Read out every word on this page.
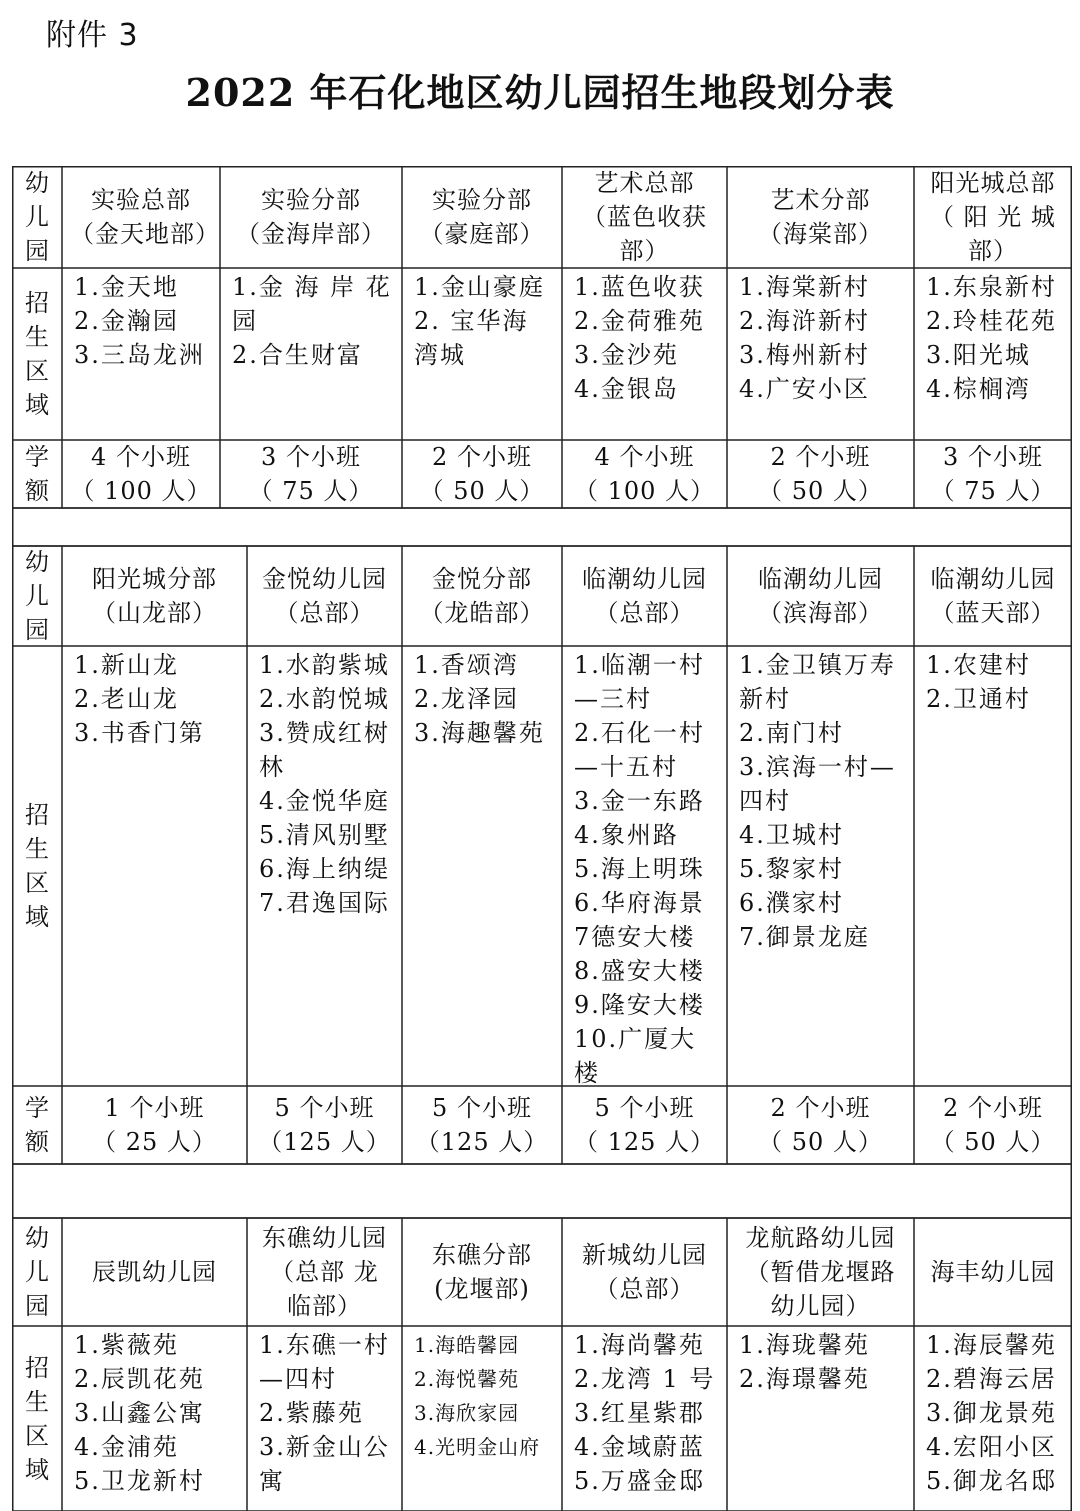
附件 3
2022 年石化地区幼儿园招生地段划分表
幼儿园
招生区域
学额
实验总部
（金天地部）
1.金天地
2.金瀚园
3.三岛龙洲
4 个小班
（ 100 人）
实验分部
（金海岸部）
1.金 海 岸 花园
2.合生财富
3 个小班
（ 75 人）
实验分部
（豪庭部）
1.金山豪庭
2. 宝华海湾城
2 个小班
（ 50 人）
艺术总部
（蓝色收获
部）
1.蓝色收获
2.金荷雅苑
3.金沙苑
4.金银岛
4 个小班
（ 100 人）
艺术分部
（海棠部）
1.海棠新村
2.海浒新村
3.梅州新村
4.广安小区
2 个小班
（ 50 人）
阳光城总部
（ 阳 光 城
部）
1.东泉新村
2.玲桂花苑
3.阳光城
4.棕榈湾
3 个小班
（ 75 人）
幼儿园
招生区域
学额
阳光城分部
（山龙部）
1.新山龙
2.老山龙
3.书香门第
1 个小班
（ 25 人）
金悦幼儿园
（总部）
1.水韵紫城
2.水韵悦城
3.赞成红树林
4.金悦华庭
5.清风别墅
6.海上纳缇
7.君逸国际
5 个小班
（125 人）
金悦分部
（龙皓部）
1.香颂湾
2.龙泽园
3.海趣馨苑
5 个小班
（125 人）
临潮幼儿园
（总部）
1.临潮一村—三村
2.石化一村—十五村
3.金一东路
4.象州路
5.海上明珠
6.华府海景
7德安大楼
8.盛安大楼
9.隆安大楼
10.广厦大楼
5 个小班
（ 125 人）
临潮幼儿园
（滨海部）
1.金卫镇万寿新村
2.南门村
3.滨海一村—四村
4.卫城村
5.黎家村
6.濮家村
7.御景龙庭
2 个小班
（ 50 人）
临潮幼儿园
（蓝天部）
1.农建村
2.卫通村
2 个小班
（ 50 人）
幼儿园
招生区域
辰凯幼儿园
1.紫薇苑
2.辰凯花苑
3.山鑫公寓
4.金浦苑
5.卫龙新村
东礁幼儿园
（总部 龙
临部）
1.东礁一村—四村
2.紫藤苑
3.新金山公寓
东礁分部
(龙堰部)
1.海皓馨园
2.海悦馨苑
3.海欣家园
4.光明金山府
新城幼儿园
（总部）
1.海尚馨苑
2.龙湾 1 号
3.红星紫郡
4.金域蔚蓝
5.万盛金邸
龙航路幼儿园
（暂借龙堰路
幼儿园）
1.海珑馨苑
2.海璟馨苑
海丰幼儿园
1.海辰馨苑
2.碧海云居
3.御龙景苑
4.宏阳小区
5.御龙名邸
